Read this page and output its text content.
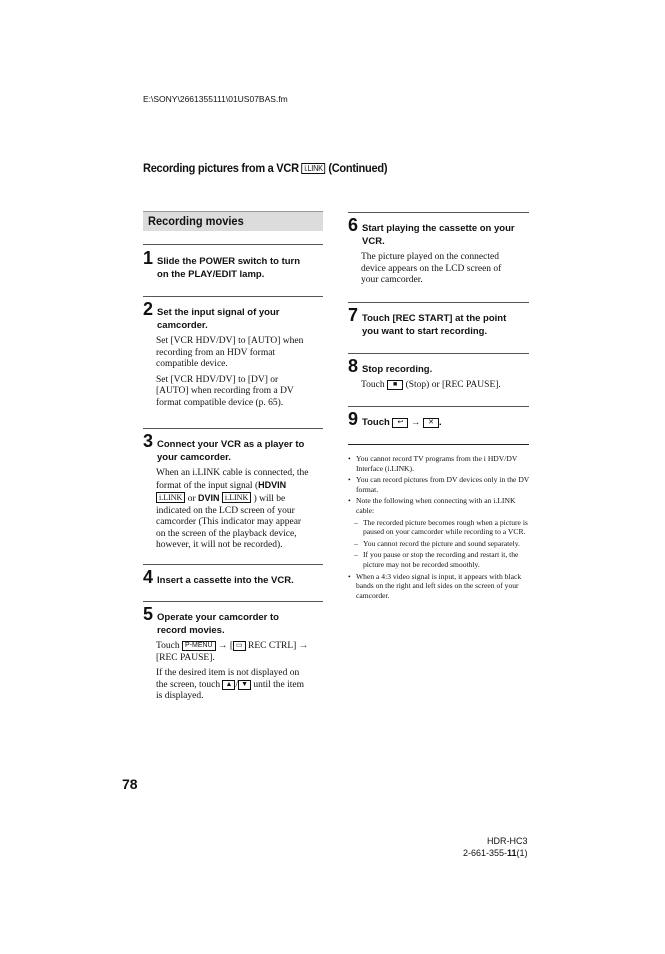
E:\SONY\2661355111\01US07BAS.fm
Recording pictures from a VCR i.LINK (Continued)
Recording movies
1 Slide the POWER switch to turn on the PLAY/EDIT lamp.
2 Set the input signal of your camcorder.
Set [VCR HDV/DV] to [AUTO] when recording from an HDV format compatible device.
Set [VCR HDV/DV] to [DV] or [AUTO] when recording from a DV format compatible device (p. 65).
3 Connect your VCR as a player to your camcorder.
When an i.LINK cable is connected, the format of the input signal (HDVIN i.LINK or DVIN i.LINK ) will be indicated on the LCD screen of your camcorder (This indicator may appear on the screen of the playback device, however, it will not be recorded).
4 Insert a cassette into the VCR.
5 Operate your camcorder to record movies.
Touch P-MENU → [ ▭ REC CTRL] → [REC PAUSE].
If the desired item is not displayed on the screen, touch ▲ / ▼ until the item is displayed.
6 Start playing the cassette on your VCR.
The picture played on the connected device appears on the LCD screen of your camcorder.
7 Touch [REC START] at the point you want to start recording.
8 Stop recording.
Touch ■ (Stop) or [REC PAUSE].
9 Touch ↩ → ✕ .
• You cannot record TV programs from the i HDV/DV Interface (i.LINK).
• You can record pictures from DV devices only in the DV format.
• Note the following when connecting with an i.LINK cable:
– The recorded picture becomes rough when a picture is paused on your camcorder while recording to a VCR.
– You cannot record the picture and sound separately.
– If you pause or stop the recording and restart it, the picture may not be recorded smoothly.
• When a 4:3 video signal is input, it appears with black bands on the right and left sides on the screen of your camcorder.
78
HDR-HC3
2-661-355-11(1)
